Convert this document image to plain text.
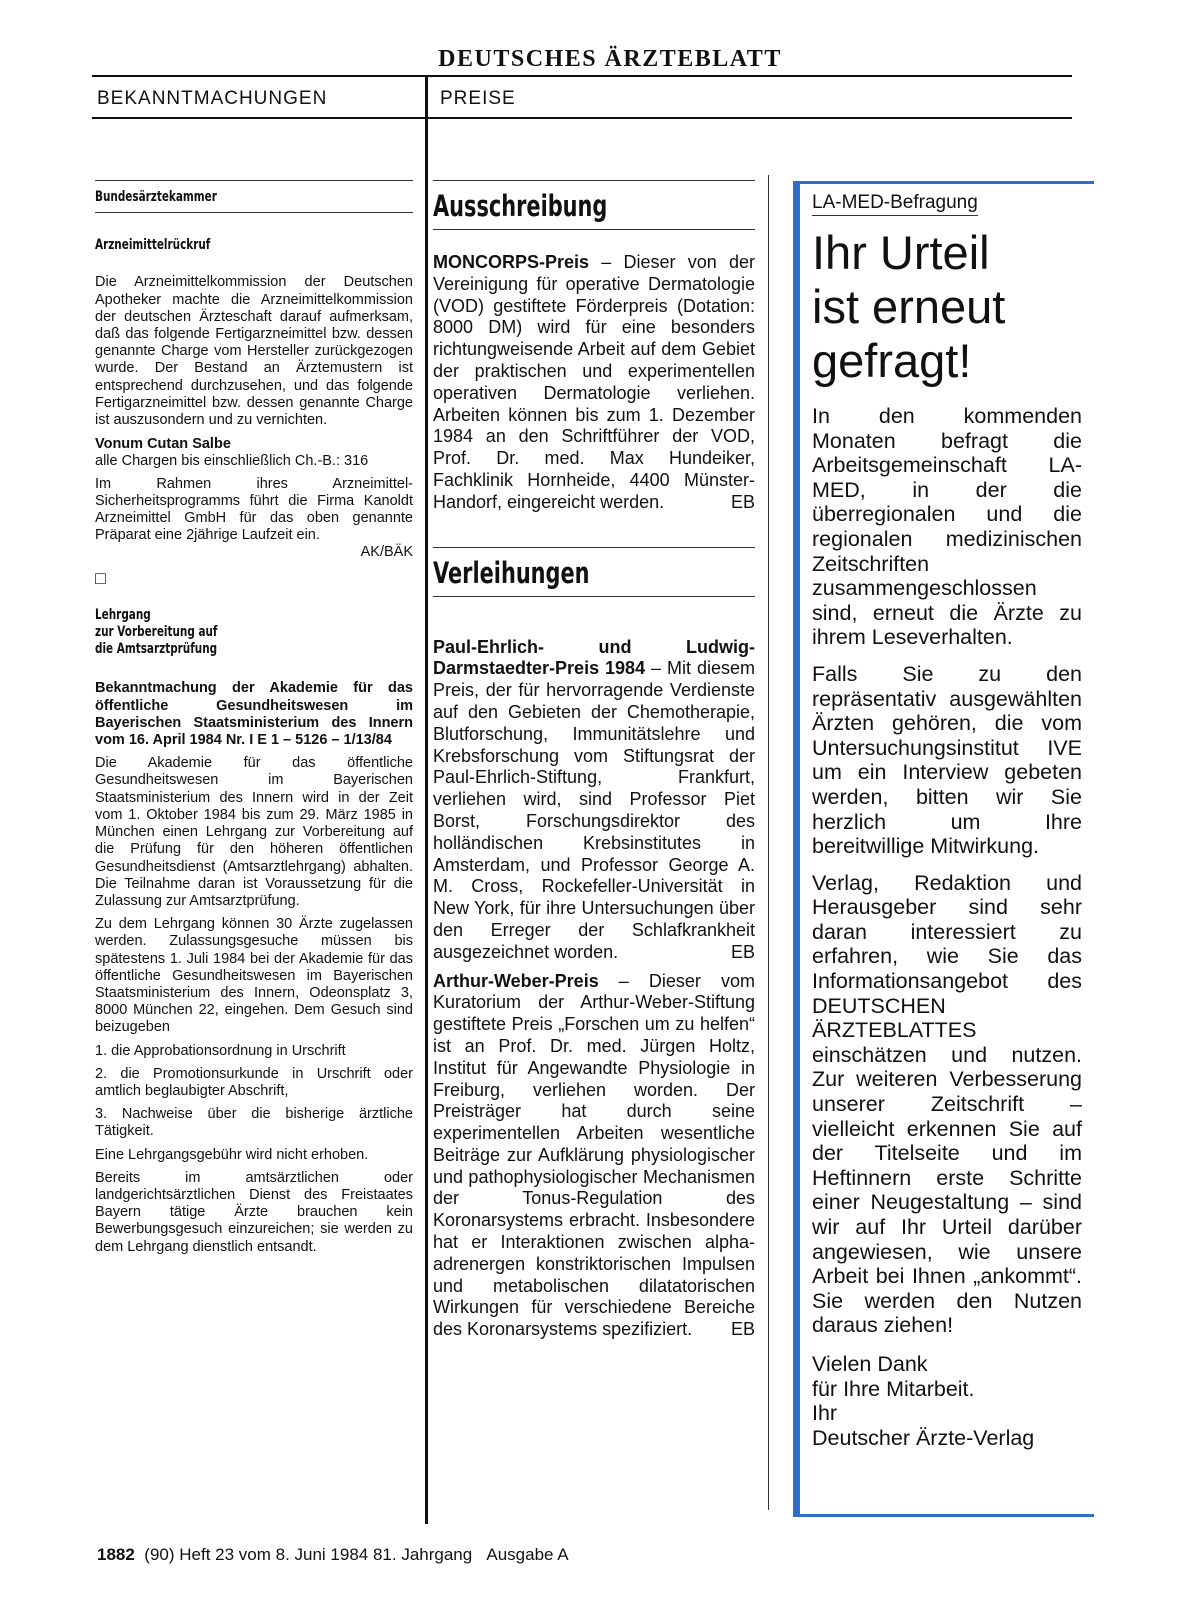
DEUTSCHES ÄRZTEBLATT
BEKANNTMACHUNGEN	PREISE
Bundesärztekammer
Arzneimittelrückruf

Die Arzneimittelkommission der Deutschen Apotheker machte die Arzneimittelkommission der deutschen Ärzteschaft darauf aufmerksam, daß das folgende Fertigarzneimittel bzw. dessen genannte Charge vom Hersteller zurückgezogen wurde. Der Bestand an Ärztemustern ist entsprechend durchzusehen, und das folgende Fertigarzneimittel bzw. dessen genannte Charge ist auszusondern und zu vernichten.

Vonum Cutan Salbe

alle Chargen bis einschließlich Ch.-B.: 316

Im Rahmen ihres Arzneimittel-Sicherheitsprogramms führt die Firma Kanoldt Arzneimittel GmbH für das oben genannte Präparat eine 2jährige Laufzeit ein.

AK/BÄK
□
Lehrgang
zur Vorbereitung auf
die Amtsarztprüfung

Bekanntmachung der Akademie für das öffentliche Gesundheitswesen im Bayerischen Staatsministerium des Innern vom 16. April 1984 Nr. I E 1 – 5126 – 1/13/84

Die Akademie für das öffentliche Gesundheitswesen im Bayerischen Staatsministerium des Innern wird in der Zeit vom 1. Oktober 1984 bis zum 29. März 1985 in München einen Lehrgang zur Vorbereitung auf die Prüfung für den höheren öffentlichen Gesundheitsdienst (Amtsarztlehrgang) abhalten. Die Teilnahme daran ist Voraussetzung für die Zulassung zur Amtsarztprüfung.

Zu dem Lehrgang können 30 Ärzte zugelassen werden. Zulassungsgesuche müssen bis spätestens 1. Juli 1984 bei der Akademie für das öffentliche Gesundheitswesen im Bayerischen Staatsministerium des Innern, Odeonsplatz 3, 8000 München 22, eingehen. Dem Gesuch sind beizugeben

1. die Approbationsordnung in Urschrift

2. die Promotionsurkunde in Urschrift oder amtlich beglaubigter Abschrift,

3. Nachweise über die bisherige ärztliche Tätigkeit.

Eine Lehrgangsgebühr wird nicht erhoben.

Bereits im amtsärztlichen oder landgerichtsärztlichen Dienst des Freistaates Bayern tätige Ärzte brauchen kein Bewerbungsgesuch einzureichen; sie werden zu dem Lehrgang dienstlich entsandt.

Ausschreibung

MONCORPS-Preis – Dieser von der Vereinigung für operative Dermatologie (VOD) gestiftete Förderpreis (Dotation: 8000 DM) wird für eine besonders richtungweisende Arbeit auf dem Gebiet der praktischen und experimentellen operativen Dermatologie verliehen. Arbeiten können bis zum 1. Dezember 1984 an den Schriftführer der VOD, Prof. Dr. med. Max Hundeiker, Fachklinik Hornheide, 4400 Münster-Handorf, eingereicht werden.	EB
Verleihungen

Paul-Ehrlich- und Ludwig-Darmstaedter-Preis 1984 – Mit diesem Preis, der für hervorragende Verdienste auf den Gebieten der Chemotherapie, Blutforschung, Immunitätslehre und Krebsforschung vom Stiftungsrat der Paul-Ehrlich-Stiftung, Frankfurt, verliehen wird, sind Professor Piet Borst, Forschungsdirektor des holländischen Krebsinstitutes in Amsterdam, und Professor George A. M. Cross, Rockefeller-Universität in New York, für ihre Untersuchungen über den Erreger der Schlafkrankheit ausgezeichnet worden.	EB

Arthur-Weber-Preis – Dieser vom Kuratorium der Arthur-Weber-Stiftung gestiftete Preis „Forschen um zu helfen“ ist an Prof. Dr. med. Jürgen Holtz, Institut für Angewandte Physiologie in Freiburg, verliehen worden. Der Preisträger hat durch seine experimentellen Arbeiten wesentliche Beiträge zur Aufklärung physiologischer und pathophysiologischer Mechanismen der Tonus-Regulation des Koronarsystems erbracht. Insbesondere hat er Interaktionen zwischen alpha-adrenergen konstriktorischen Impulsen und metabolischen dilatatorischen Wirkungen für verschiedene Bereiche des Koronarsystems spezifiziert.	EB
LA-MED-Befragung
Ihr Urteil
ist erneut
gefragt!

In den kommenden Monaten befragt die Arbeitsgemeinschaft LA-MED, in der die überregionalen und die regionalen medizinischen Zeitschriften zusammengeschlossen sind, erneut die Ärzte zu ihrem Leseverhalten.

Falls Sie zu den repräsentativ ausgewählten Ärzten gehören, die vom Untersuchungsinstitut IVE um ein Interview gebeten werden, bitten wir Sie herzlich um Ihre bereitwillige Mitwirkung.

Verlag, Redaktion und Herausgeber sind sehr daran interessiert zu erfahren, wie Sie das Informationsangebot des DEUTSCHEN ÄRZTEBLATTES einschätzen und nutzen. Zur weiteren Verbesserung unserer Zeitschrift – vielleicht erkennen Sie auf der Titelseite und im Heftinnern erste Schritte einer Neugestaltung – sind wir auf Ihr Urteil darüber angewiesen, wie unsere Arbeit bei Ihnen „ankommt“. Sie werden den Nutzen daraus ziehen!

Vielen Dank
für Ihre Mitarbeit.
Ihr
Deutscher Ärzte-Verlag
1882 (90) Heft 23 vom 8. Juni 1984 81. Jahrgang Ausgabe A
